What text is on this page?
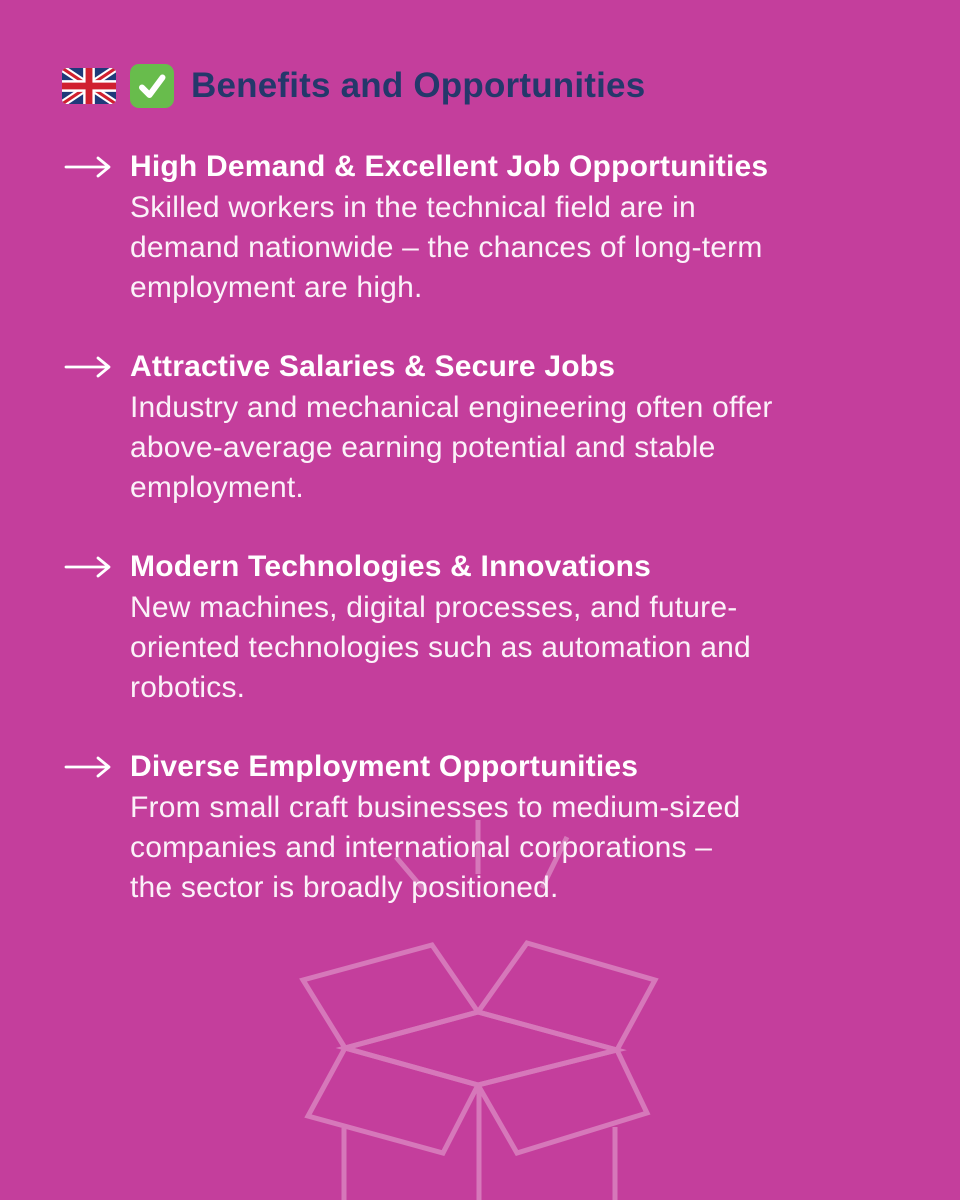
Benefits and Opportunities
High Demand & Excellent Job Opportunities
Skilled workers in the technical field are in
demand nationwide – the chances of long-term
employment are high.
Attractive Salaries & Secure Jobs
Industry and mechanical engineering often offer
above-average earning potential and stable
employment.
Modern Technologies & Innovations
New machines, digital processes, and future-
oriented technologies such as automation and
robotics.
Diverse Employment Opportunities
From small craft businesses to medium-sized
companies and international corporations –
the sector is broadly positioned.
